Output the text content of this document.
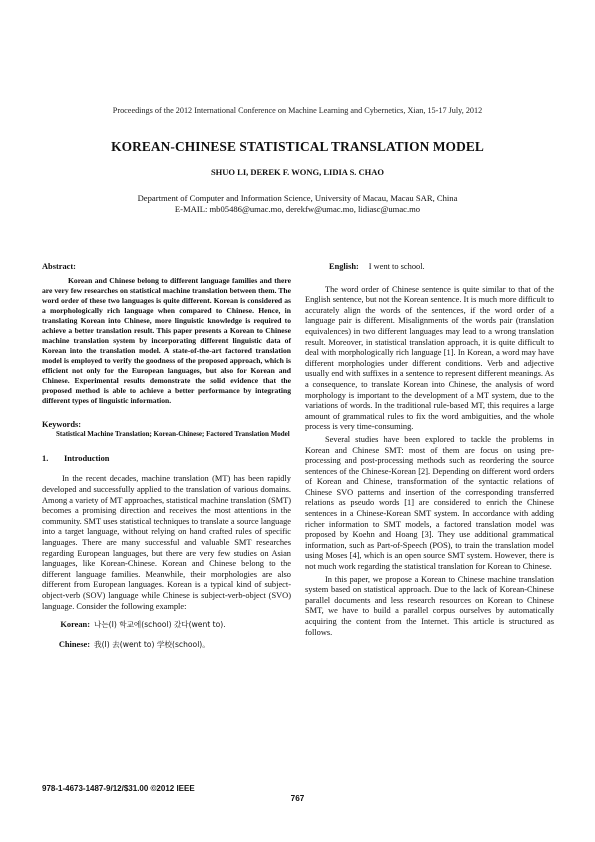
Proceedings of the 2012 International Conference on Machine Learning and Cybernetics, Xian, 15-17 July, 2012
KOREAN-CHINESE STATISTICAL TRANSLATION MODEL
SHUO LI, DEREK F. WONG, LIDIA S. CHAO
Department of Computer and Information Science, University of Macau, Macau SAR, China
E-MAIL: mb05486@umac.mo, derekfw@umac.mo, lidiasc@umac.mo
Abstract:

Korean and Chinese belong to different language families and there are very few researches on statistical machine translation between them. The word order of these two languages is quite different. Korean is considered as a morphologically rich language when compared to Chinese. Hence, in translating Korean into Chinese, more linguistic knowledge is required to achieve a better translation result. This paper presents a Korean to Chinese machine translation system by incorporating different linguistic data of Korean into the translation model. A state-of-the-art factored translation model is employed to verify the goodness of the proposed approach, which is efficient not only for the European languages, but also for Korean and Chinese. Experimental results demonstrate the solid evidence that the proposed method is able to achieve a better performance by integrating different types of linguistic information.

Keywords:

Statistical Machine Translation; Korean-Chinese; Factored Translation Model

1. Introduction

In the recent decades, machine translation (MT) has been rapidly developed and successfully applied to the translation of various domains. Among a variety of MT approaches, statistical machine translation (SMT) becomes a promising direction and receives the most attentions in the community. SMT uses statistical techniques to translate a source language into a target language, without relying on hand crafted rules of specific languages. There are many successful and valuable SMT researches regarding European languages, but there are very few studies on Asian languages, like Korean-Chinese. Korean and Chinese belong to the different language families. Meanwhile, their morphologies are also different from European languages. Korean is a typical kind of subject-object-verb (SOV) language while Chinese is subject-verb-object (SVO) language. Consider the following example:

Korean: 나는(I) 학교에(school) 갔다(went to).
Chinese: 我(I) 去(went to) 学校(school)。
English: I went to school.

The word order of Chinese sentence is quite similar to that of the English sentence, but not the Korean sentence. It is much more difficult to accurately align the words of the sentences, if the word order of a language pair is different. Misalignments of the words pair (translation equivalences) in two different languages may lead to a wrong translation result. Moreover, in statistical translation approach, it is quite difficult to deal with morphologically rich language [1]. In Korean, a word may have different morphologies under different conditions. Verb and adjective usually end with suffixes in a sentence to represent different meanings. As a consequence, to translate Korean into Chinese, the analysis of word morphology is important to the development of a MT system, due to the variations of words. In the traditional rule-based MT, this requires a large amount of grammatical rules to fix the word ambiguities, and the whole process is very time-consuming.

Several studies have been explored to tackle the problems in Korean and Chinese SMT: most of them are focus on using pre-processing and post-processing methods such as reordering the source sentences of the Chinese-Korean [2]. Depending on different word orders of Korean and Chinese, transformation of the syntactic relations of Chinese SVO patterns and insertion of the corresponding transferred relations as pseudo words [1] are considered to enrich the Chinese sentences in a Chinese-Korean SMT system. In accordance with adding richer information to SMT models, a factored translation model was proposed by Koehn and Hoang [3]. They use additional grammatical information, such as Part-of-Speech (POS), to train the translation model using Moses [4], which is an open source SMT system. However, there is not much work regarding the statistical translation for Korean to Chinese.

In this paper, we propose a Korean to Chinese machine translation system based on statistical approach. Due to the lack of Korean-Chinese parallel documents and less research resources on Korean to Chinese SMT, we have to build a parallel corpus ourselves by automatically acquiring the content from the Internet. This article is structured as follows.

978-1-4673-1487-9/12/$31.00 ©2012 IEEE
767
